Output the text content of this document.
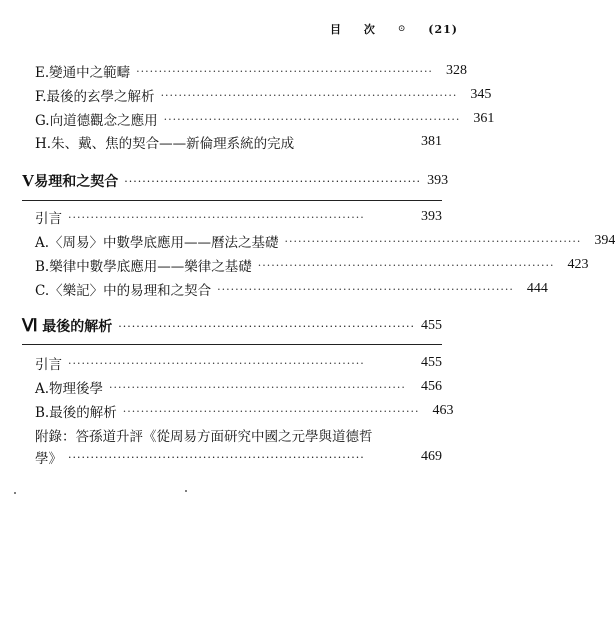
目 次 ⊙ (21)
E.變通中之範疇 ·································································· 328
F.最後的玄學之解析 ·································································· 345
G.向道德觀念之應用 ·································································· 361
H.朱、戴、焦的契合——新倫理系統的完成	381
V 易理和之契合 ·································································· 393
引言 ··································································	393
A.〈周易〉中數學底應用——曆法之基礎 ·································································· 394
B.樂律中數學底應用——樂律之基礎 ·································································· 423
C.〈樂記〉中的易理和之契合 ·································································· 444
Ⅵ 最後的解析 ·································································· 455
引言 ··································································	455
A.物理後學 ··································································	456
B.最後的解析 ·································································· 463
附錄：答孫道升評《從周易方面研究中國之元學與道德哲
學》 ··································································	469
